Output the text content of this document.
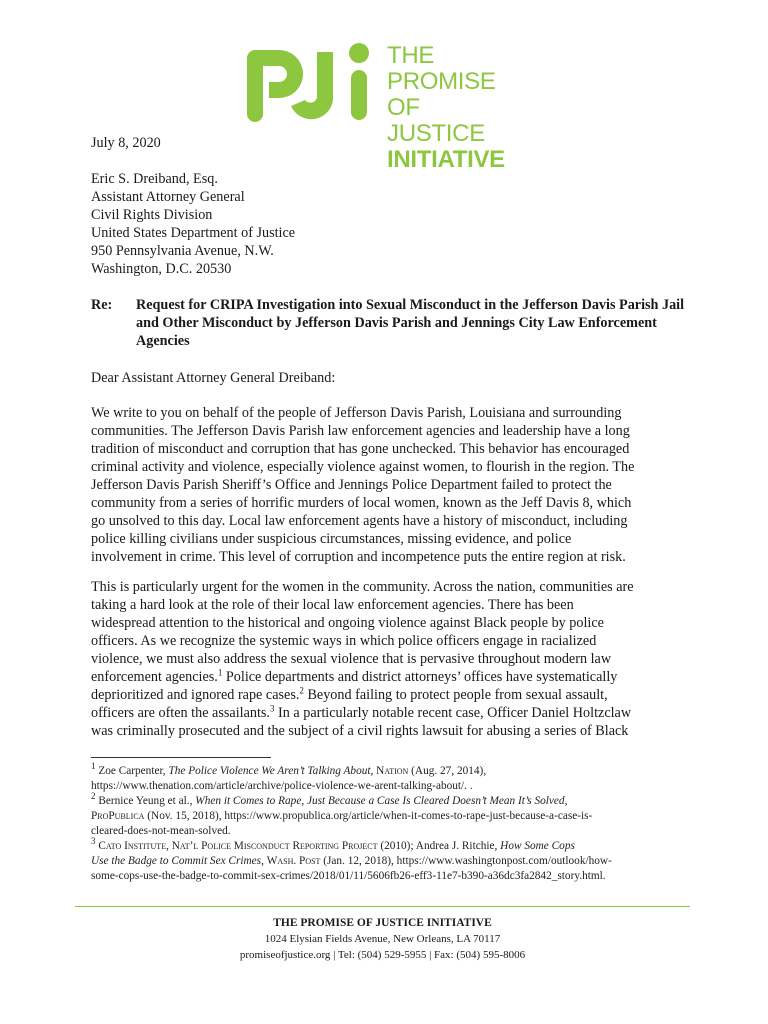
THE PROMISE
OF JUSTICE
INITIATIVE
July 8, 2020
Eric S. Dreiband, Esq.
Assistant Attorney General
Civil Rights Division
United States Department of Justice
950 Pennsylvania Avenue, N.W.
Washington, D.C. 20530
Re: Request for CRIPA Investigation into Sexual Misconduct in the Jefferson Davis Parish Jail and Other Misconduct by Jefferson Davis Parish and Jennings City Law Enforcement Agencies
Dear Assistant Attorney General Dreiband:
We write to you on behalf of the people of Jefferson Davis Parish, Louisiana and surrounding
communities. The Jefferson Davis Parish law enforcement agencies and leadership have a long
tradition of misconduct and corruption that has gone unchecked. This behavior has encouraged
criminal activity and violence, especially violence against women, to flourish in the region. The
Jefferson Davis Parish Sheriff’s Office and Jennings Police Department failed to protect the
community from a series of horrific murders of local women, known as the Jeff Davis 8, which
go unsolved to this day. Local law enforcement agents have a history of misconduct, including
police killing civilians under suspicious circumstances, missing evidence, and police
involvement in crime. This level of corruption and incompetence puts the entire region at risk.
This is particularly urgent for the women in the community. Across the nation, communities are
taking a hard look at the role of their local law enforcement agencies. There has been
widespread attention to the historical and ongoing violence against Black people by police
officers. As we recognize the systemic ways in which police officers engage in racialized
violence, we must also address the sexual violence that is pervasive throughout modern law
enforcement agencies.$^1$ Police departments and district attorneys’ offices have systematically
deprioritized and ignored rape cases.$^2$ Beyond failing to protect people from sexual assault,
officers are often the assailants.$^3$ In a particularly notable recent case, Officer Daniel Holtzclaw
was criminally prosecuted and the subject of a civil rights lawsuit for abusing a series of Black
$^1$ Zoe Carpenter, The Police Violence We Aren’t Talking About, Nation (Aug. 27, 2014),
https://www.thenation.com/article/archive/police-violence-we-arent-talking-about/. .
$^2$ Bernice Yeung et al., When it Comes to Rape, Just Because a Case Is Cleared Doesn’t Mean It’s Solved,
ProPublica (Nov. 15, 2018), https://www.propublica.org/article/when-it-comes-to-rape-just-because-a-case-is-
cleared-does-not-mean-solved.
$^3$ Cato Institute, Nat’l Police Misconduct Reporting Project (2010); Andrea J. Ritchie, How Some Cops
Use the Badge to Commit Sex Crimes, Wash. Post (Jan. 12, 2018), https://www.washingtonpost.com/outlook/how-
some-cops-use-the-badge-to-commit-sex-crimes/2018/01/11/5606fb26-eff3-11e7-b390-a36dc3fa2842_story.html.
THE PROMISE OF JUSTICE INITIATIVE
1024 Elysian Fields Avenue, New Orleans, LA 70117
promiseofjustice.org | Tel: (504) 529-5955 | Fax: (504) 595-8006
